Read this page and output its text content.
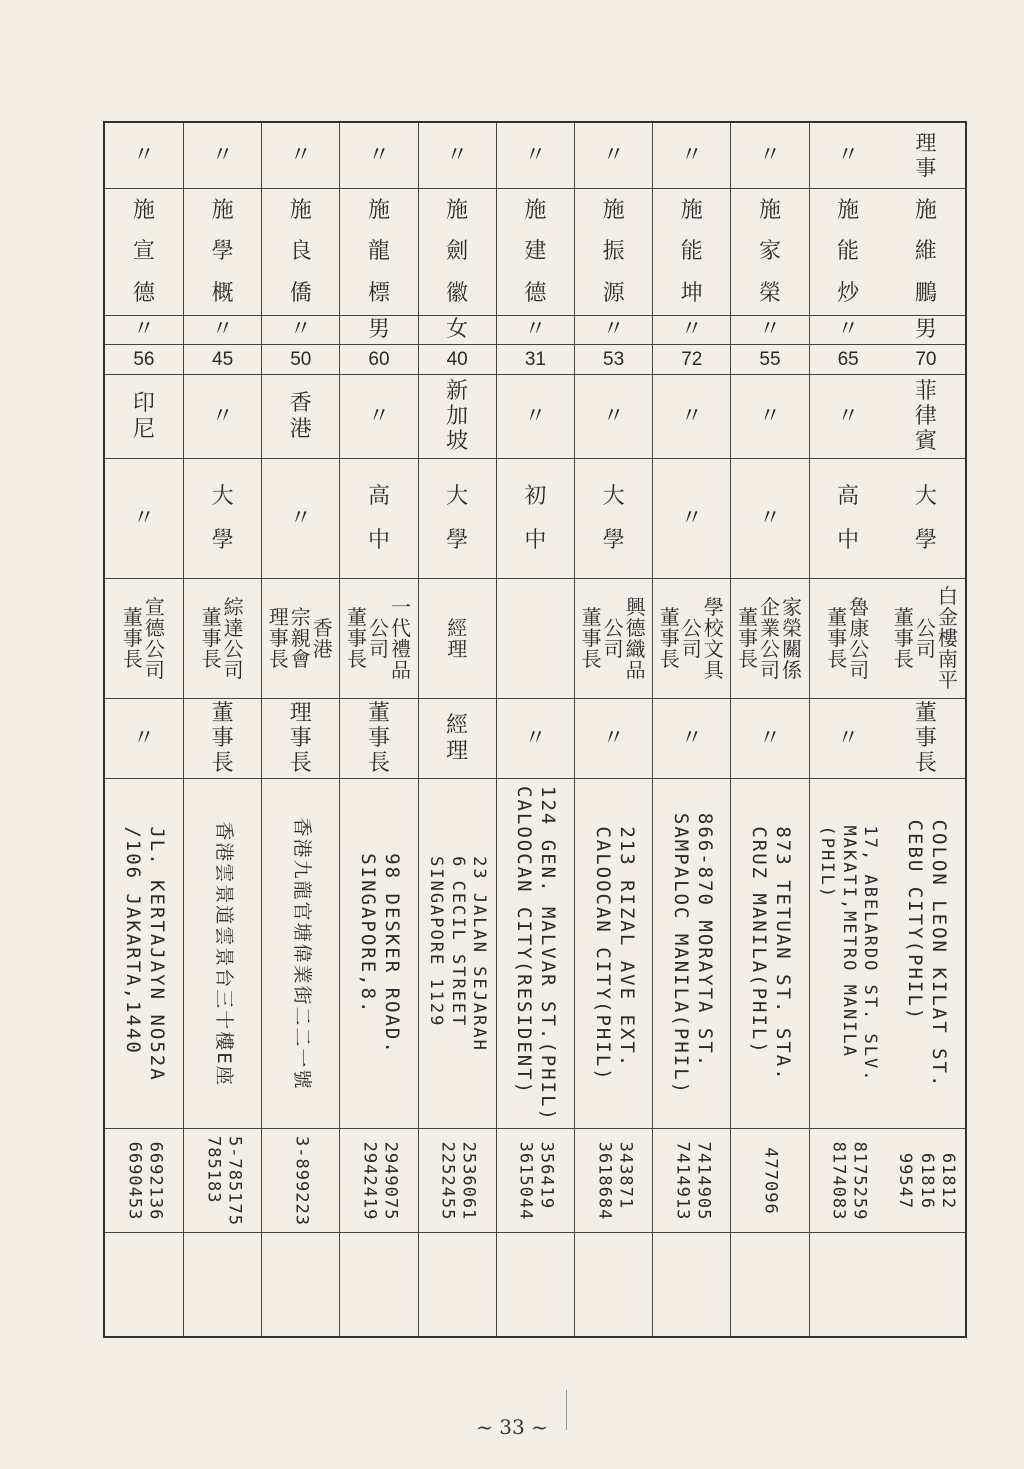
理
事
施
維
鵬
男
70
菲
律
賓
大
學
白
金
樓
南
平
公
司
董
事
長
董
事
長
COLON LEON KILAT ST.
CEBU CITY(PHIL)
61812
61816
99547
〃
施
能
炒
〃
65
〃
高
中
魯
康
公
司
董
事
長
〃
17, ABELARDO ST. SLV.
MAKATI,METRO MANILA
(PHIL)
8175259
8174083
〃
施
家
榮
〃
55
〃
〃
家
榮
關
係
企
業
公
司
董
事
長
〃
873 TETUAN ST. STA.
CRUZ MANILA(PHIL)
477096
〃
施
能
坤
〃
72
〃
〃
學
校
文
具
公
司
董
事
長
〃
866-870 MORAYTA ST.
SAMPALOC MANILA(PHIL)
7414905
7414913
〃
施
振
源
〃
53
〃
大
學
興
德
織
品
公
司
董
事
長
〃
213 RIZAL AVE EXT.
CALOOCAN CITY(PHIL)
343871
3618684
〃
施
建
德
〃
31
〃
初
中
〃
124 GEN. MALVAR ST.(PHIL)
CALOOCAN CITY(RESIDENT)
356419
3615044
〃
施
劍
徽
女
40
新
加
坡
大
學
經
理
經
理
23 JALAN SEJARAH
6 CECIL STREET
SINGAPORE 1129
2536061
2252455
〃
施
龍
標
男
60
〃
高
中
一
代
禮
品
公
司
董
事
長
董
事
長
98 DESKER ROAD.
SINGAPORE,8.
2949075
2942419
〃
施
良
僑
〃
50
香
港
〃
香
港
宗
親
會
理
事
長
理
事
長
香港九龍官塘偉業街二二一號
3-899223
〃
施
學
概
〃
45
〃
大
學
綜
達
公
司
董
事
長
董
事
長
香港雲景道雲景台三十樓E座
5-785175
785183
〃
施
宣
德
〃
56
印
尼
〃
宣
德
公
司
董
事
長
〃
JL. KERTAJAYN NO52A
/106 JAKARTA,1440
6692136
6690453
~ 33 ~
